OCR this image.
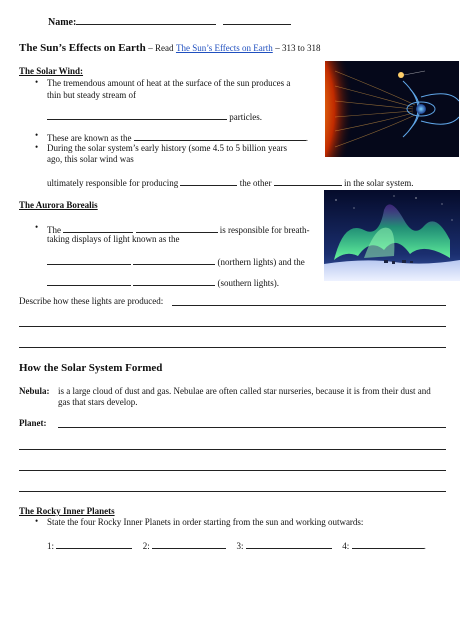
Name:
The Sun’s Effects on Earth – Read The Sun’s Effects on Earth – 313 to 318
The Solar Wind:
• The tremendous amount of heat at the surface of the sun produces a
thin but steady stream of
particles.
• These are known as the	.
• During the solar system’s early history (some 4.5 to 5 billion years
ago, this solar wind was
ultimately responsible for producing	the other	in the solar system.
The Aurora Borealis
• The	is responsible for breath-
taking displays of light known as the
(northern lights) and the
(southern lights).
Describe how these lights are produced:
How the Solar System Formed
Nebula: is a large cloud of dust and gas. Nebulae are often called star nurseries, because it is from their dust and
gas that stars develop.
Planet:
The Rocky Inner Planets
• State the four Rocky Inner Planets in order starting from the sun and working outwards:
1:	2:	3:	4:	.
